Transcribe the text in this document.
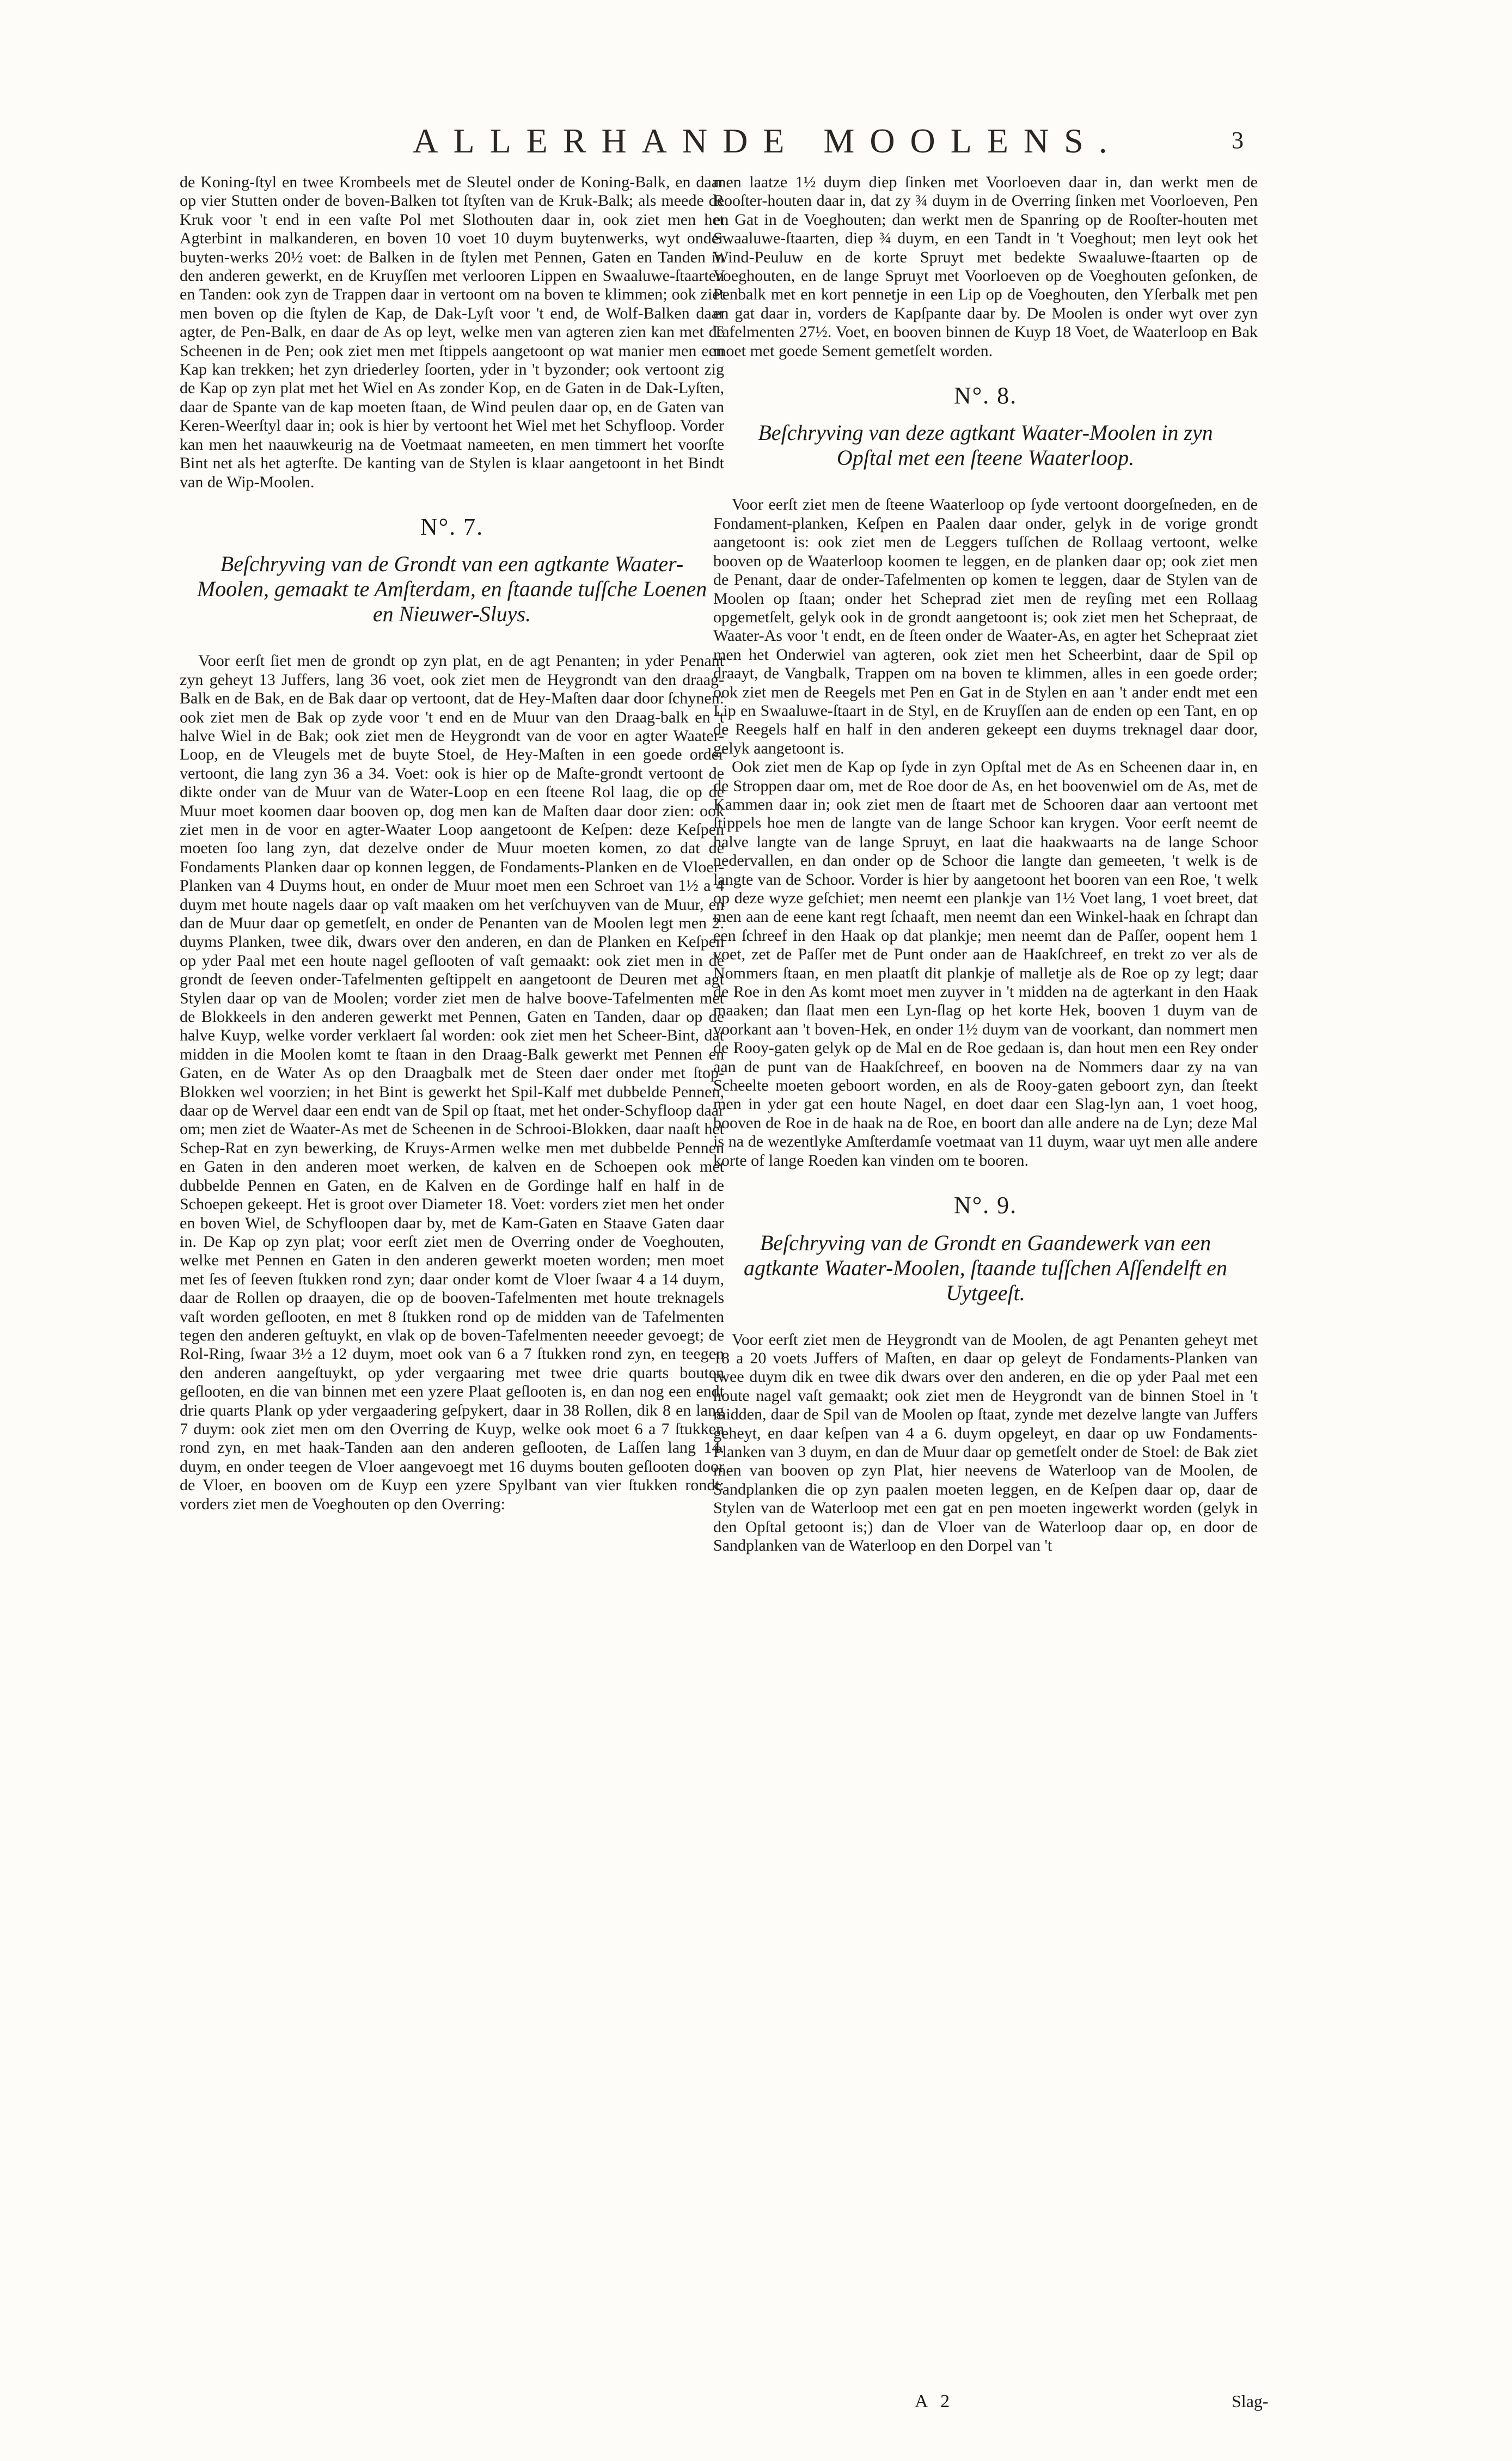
ALLERHANDE MOOLENS.	3

de Koning-ſtyl en twee Krombeels met de Sleutel onder de Koning-Balk, en daar op vier Stutten onder de boven-Balken tot ſtyſten van de Kruk-Balk; als meede de Kruk voor 't end in een vaſte Pol met Slothouten daar in, ook ziet men het Agterbint in malkanderen, en boven 10 voet 10 duym buytenwerks, wyt onder buyten-werks 20½ voet: de Balken in de ſtylen met Pennen, Gaten en Tanden in den anderen gewerkt, en de Kruyſſen met verlooren Lippen en Swaaluwe-ſtaarten en Tanden: ook zyn de Trappen daar in vertoont om na boven te klimmen; ook ziet men boven op die ſtylen de Kap, de Dak-Lyſt voor 't end, de Wolf-Balken daar agter, de Pen-Balk, en daar de As op leyt, welke men van agteren zien kan met de Scheenen in de Pen; ook ziet men met ſtippels aangetoont op wat manier men een Kap kan trekken; het zyn driederley ſoorten, yder in 't byzonder; ook vertoont zig de Kap op zyn plat met het Wiel en As zonder Kop, en de Gaten in de Dak-Lyſten, daar de Spante van de kap moeten ſtaan, de Wind peulen daar op, en de Gaten van Keren-Weerſtyl daar in; ook is hier by vertoont het Wiel met het Schyfloop. Vorder kan men het naauwkeurig na de Voetmaat nameeten, en men timmert het voorſte Bint net als het agterſte. De kanting van de Stylen is klaar aangetoont in het Bindt van de Wip-Moolen.

N°. 7.
Beſchryving van de Grondt van een agtkante Waater-Moolen, gemaakt te Amſterdam, en ſtaande tuſſche Loenen en Nieuwer-Sluys.

Voor eerſt ſiet men de grondt op zyn plat, en de agt Penanten; in yder Penant zyn geheyt 13 Juffers, lang 36 voet, ook ziet men de Heygrondt van den draag-Balk en de Bak, en de Bak daar op vertoont, dat de Hey-Maſten daar door ſchynen: ook ziet men de Bak op zyde voor 't end en de Muur van den Draag-balk en 't halve Wiel in de Bak; ook ziet men de Heygrondt van de voor en agter Waater-Loop, en de Vleugels met de buyte Stoel, de Hey-Maſten in een goede order vertoont, die lang zyn 36 a 34. Voet: ook is hier op de Maſte-grondt vertoont de dikte onder van de Muur van de Water-Loop en een ſteene Rol laag, die op de Muur moet koomen daar booven op, dog men kan de Maſten daar door zien: ook ziet men in de voor en agter-Waater Loop aangetoont de Keſpen: deze Keſpen moeten ſoo lang zyn, dat dezelve onder de Muur moeten komen, zo dat de Fondaments Planken daar op konnen leggen, de Fondaments-Planken en de Vloer-Planken van 4 Duyms hout, en onder de Muur moet men een Schroet van 1½ a 4 duym met houte nagels daar op vaſt maaken om het verſchuyven van de Muur, en dan de Muur daar op gemetſelt, en onder de Penanten van de Moolen legt men 2. duyms Planken, twee dik, dwars over den anderen, en dan de Planken en Keſpen op yder Paal met een houte nagel geſlooten of vaſt gemaakt: ook ziet men in de grondt de ſeeven onder-Tafelmenten geſtippelt en aangetoont de Deuren met agt Stylen daar op van de Moolen; vorder ziet men de halve boove-Tafelmenten met de Blokkeels in den anderen gewerkt met Pennen, Gaten en Tanden, daar op de halve Kuyp, welke vorder verklaert ſal worden: ook ziet men het Scheer-Bint, dat midden in die Moolen komt te ſtaan in den Draag-Balk gewerkt met Pennen en Gaten, en de Water As op den Draagbalk met de Steen daer onder met ſtop-Blokken wel voorzien; in het Bint is gewerkt het Spil-Kalf met dubbelde Pennen, daar op de Wervel daar een endt van de Spil op ſtaat, met het onder-Schyfloop daar om; men ziet de Waater-As met de Scheenen in de Schrooi-Blokken, daar naaſt het Schep-Rat en zyn bewerking, de Kruys-Armen welke men met dubbelde Pennen en Gaten in den anderen moet werken, de kalven en de Schoepen ook met dubbelde Pennen en Gaten, en de Kalven en de Gordinge half en half in de Schoepen gekeept. Het is groot over Diameter 18. Voet: vorders ziet men het onder en boven Wiel, de Schyfloopen daar by, met de Kam-Gaten en Staave Gaten daar in. De Kap op zyn plat; voor eerſt ziet men de Overring onder de Voeghouten, welke met Pennen en Gaten in den anderen gewerkt moeten worden; men moet met ſes of ſeeven ſtukken rond zyn; daar onder komt de Vloer ſwaar 4 a 14 duym, daar de Rollen op draayen, die op de booven-Tafelmenten met houte treknagels vaſt worden geſlooten, en met 8 ſtukken rond op de midden van de Tafelmenten tegen den anderen geſtuykt, en vlak op de boven-Tafelmenten neeeder gevoegt; de Rol-Ring, ſwaar 3½ a 12 duym, moet ook van 6 a 7 ſtukken rond zyn, en teegen den anderen aangeſtuykt, op yder vergaaring met twee drie quarts bouten geſlooten, en die van binnen met een yzere Plaat geſlooten is, en dan nog een endt drie quarts Plank op yder vergaadering geſpykert, daar in 38 Rollen, dik 8 en lang 7 duym: ook ziet men om den Overring de Kuyp, welke ook moet 6 a 7 ſtukken rond zyn, en met haak-Tanden aan den anderen geſlooten, de Laſſen lang 14. duym, en onder teegen de Vloer aangevoegt met 16 duyms bouten geſlooten door de Vloer, en booven om de Kuyp een yzere Spylbant van vier ſtukken rondt: vorders ziet men de Voeghouten op den Overring:

men laatze 1½ duym diep ſinken met Voorloeven daar in, dan werkt men de Rooſter-houten daar in, dat zy ¾ duym in de Overring ſinken met Voorloeven, Pen en Gat in de Voeghouten; dan werkt men de Spanring op de Rooſter-houten met Swaaluwe-ſtaarten, diep ¾ duym, en een Tandt in 't Voeghout; men leyt ook het Wind-Peuluw en de korte Spruyt met bedekte Swaaluwe-ſtaarten op de Voeghouten, en de lange Spruyt met Voorloeven op de Voeghouten geſonken, de Penbalk met en kort pennetje in een Lip op de Voeghouten, den Yſerbalk met pen en gat daar in, vorders de Kapſpante daar by. De Moolen is onder wyt over zyn Tafelmenten 27½. Voet, en booven binnen de Kuyp 18 Voet, de Waaterloop en Bak moet met goede Sement gemetſelt worden.

N°. 8.
Beſchryving van deze agtkant Waater-Moolen in zyn Opſtal met een ſteene Waaterloop.

Voor eerſt ziet men de ſteene Waaterloop op ſyde vertoont doorgeſneden, en de Fondament-planken, Keſpen en Paalen daar onder, gelyk in de vorige grondt aangetoont is: ook ziet men de Leggers tuſſchen de Rollaag vertoont, welke booven op de Waaterloop koomen te leggen, en de planken daar op; ook ziet men de Penant, daar de onder-Tafelmenten op komen te leggen, daar de Stylen van de Moolen op ſtaan; onder het Scheprad ziet men de reyſing met een Rollaag opgemetſelt, gelyk ook in de grondt aangetoont is; ook ziet men het Schepraat, de Waater-As voor 't endt, en de ſteen onder de Waater-As, en agter het Schepraat ziet men het Onderwiel van agteren, ook ziet men het Scheerbint, daar de Spil op draayt, de Vangbalk, Trappen om na boven te klimmen, alles in een goede order; ook ziet men de Reegels met Pen en Gat in de Stylen en aan 't ander endt met een Lip en Swaaluwe-ſtaart in de Styl, en de Kruyſſen aan de enden op een Tant, en op de Reegels half en half in den anderen gekeept een duyms treknagel daar door, gelyk aangetoont is.

Ook ziet men de Kap op ſyde in zyn Opſtal met de As en Scheenen daar in, en de Stroppen daar om, met de Roe door de As, en het boovenwiel om de As, met de Kammen daar in; ook ziet men de ſtaart met de Schooren daar aan vertoont met ſtippels hoe men de langte van de lange Schoor kan krygen. Voor eerſt neemt de halve langte van de lange Spruyt, en laat die haakwaarts na de lange Schoor nedervallen, en dan onder op de Schoor die langte dan gemeeten, 't welk is de langte van de Schoor. Vorder is hier by aangetoont het booren van een Roe, 't welk op deze wyze geſchiet; men neemt een plankje van 1½ Voet lang, 1 voet breet, dat men aan de eene kant regt ſchaaft, men neemt dan een Winkel-haak en ſchrapt dan een ſchreef in den Haak op dat plankje; men neemt dan de Paſſer, oopent hem 1 voet, zet de Paſſer met de Punt onder aan de Haakſchreef, en trekt zo ver als de Nommers ſtaan, en men plaatſt dit plankje of malletje als de Roe op zy legt; daar de Roe in den As komt moet men zuyver in 't midden na de agterkant in den Haak maaken; dan ſlaat men een Lyn-ſlag op het korte Hek, booven 1 duym van de voorkant aan 't boven-Hek, en onder 1½ duym van de voorkant, dan nommert men de Rooy-gaten gelyk op de Mal en de Roe gedaan is, dan hout men een Rey onder aan de punt van de Haakſchreef, en booven na de Nommers daar zy na van Scheelte moeten geboort worden, en als de Rooy-gaten geboort zyn, dan ſteekt men in yder gat een houte Nagel, en doet daar een Slag-lyn aan, 1 voet hoog, booven de Roe in de haak na de Roe, en boort dan alle andere na de Lyn; deze Mal is na de wezentlyke Amſterdamſe voetmaat van 11 duym, waar uyt men alle andere korte of lange Roeden kan vinden om te booren.

N°. 9.
Beſchryving van de Grondt en Gaandewerk van een agtkante Waater-Moolen, ſtaande tuſſchen Aſſendelft en Uytgeeſt.

Voor eerſt ziet men de Heygrondt van de Moolen, de agt Penanten geheyt met 18 a 20 voets Juffers of Maſten, en daar op geleyt de Fondaments-Planken van twee duym dik en twee dik dwars over den anderen, en die op yder Paal met een houte nagel vaſt gemaakt; ook ziet men de Heygrondt van de binnen Stoel in 't midden, daar de Spil van de Moolen op ſtaat, zynde met dezelve langte van Juffers geheyt, en daar keſpen van 4 a 6. duym opgeleyt, en daar op uw Fondaments-Planken van 3 duym, en dan de Muur daar op gemetſelt onder de Stoel: de Bak ziet men van booven op zyn Plat, hier neevens de Waterloop van de Moolen, de Sandplanken die op zyn paalen moeten leggen, en de Keſpen daar op, daar de Stylen van de Waterloop met een gat en pen moeten ingewerkt worden (gelyk in den Opſtal getoont is;) dan de Vloer van de Waterloop daar op, en door de Sandplanken van de Waterloop en den Dorpel van 't

A 2	Slag-
